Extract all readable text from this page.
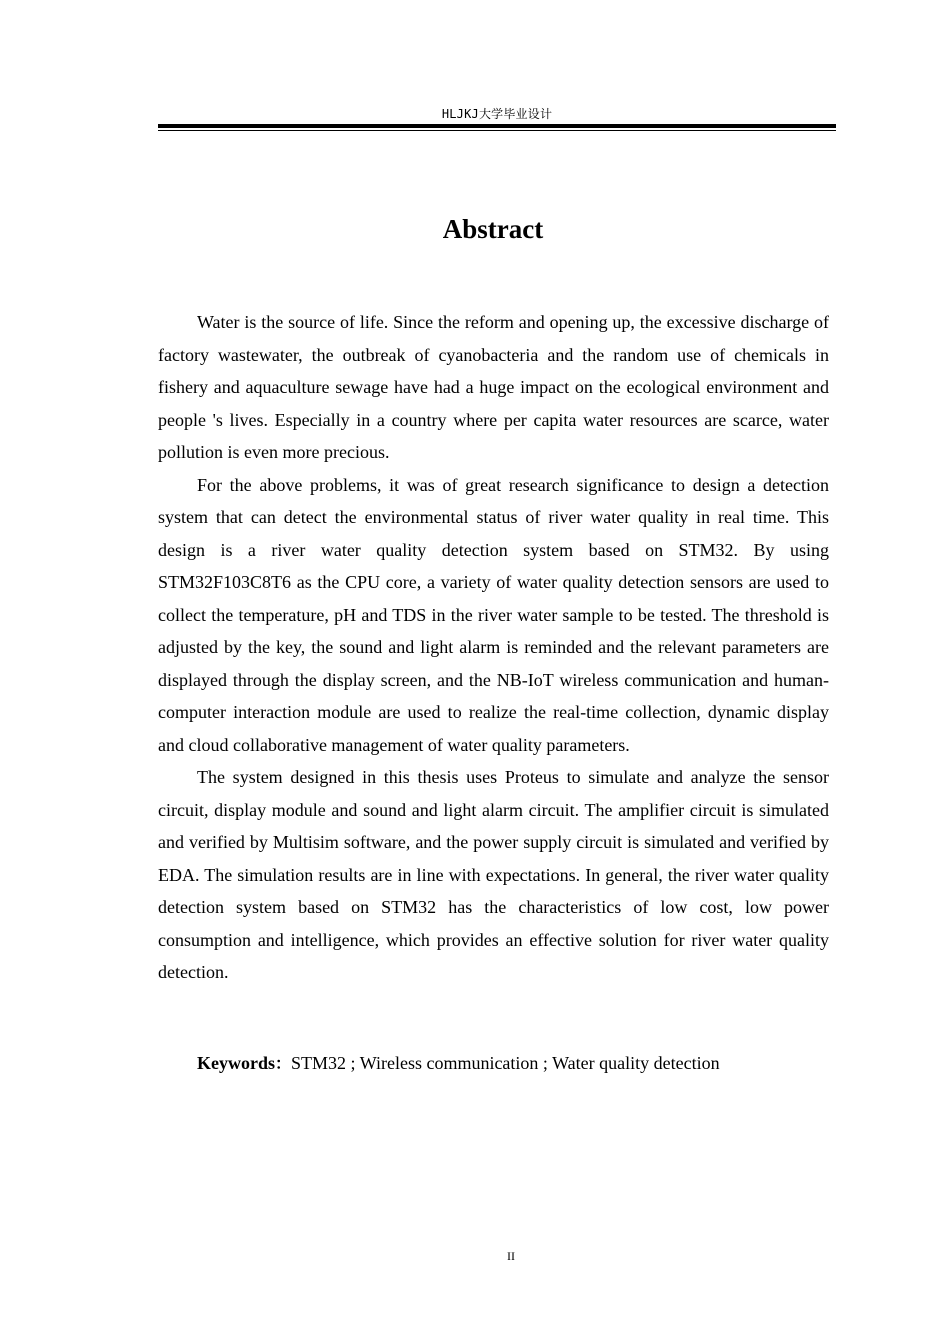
HLJKJ大学毕业设计
Abstract

Water is the source of life. Since the reform and opening up, the excessive discharge of factory wastewater, the outbreak of cyanobacteria and the random use of chemicals in fishery and aquaculture sewage have had a huge impact on the ecological environment and people 's lives. Especially in a country where per capita water resources are scarce, water pollution is even more precious.

For the above problems, it was of great research significance to design a detection system that can detect the environmental status of river water quality in real time. This design is a river water quality detection system based on STM32. By using STM32F103C8T6 as the CPU core, a variety of water quality detection sensors are used to collect the temperature, pH and TDS in the river water sample to be tested. The threshold is adjusted by the key, the sound and light alarm is reminded and the relevant parameters are displayed through the display screen, and the NB-IoT wireless communication and human-computer interaction module are used to realize the real-time collection, dynamic display and cloud collaborative management of water quality parameters.

The system designed in this thesis uses Proteus to simulate and analyze the sensor circuit, display module and sound and light alarm circuit. The amplifier circuit is simulated and verified by Multisim software, and the power supply circuit is simulated and verified by EDA. The simulation results are in line with expectations. In general, the river water quality detection system based on STM32 has the characteristics of low cost, low power consumption and intelligence, which provides an effective solution for river water quality detection.

Keywords：STM32 ; Wireless communication ; Water quality detection
II
